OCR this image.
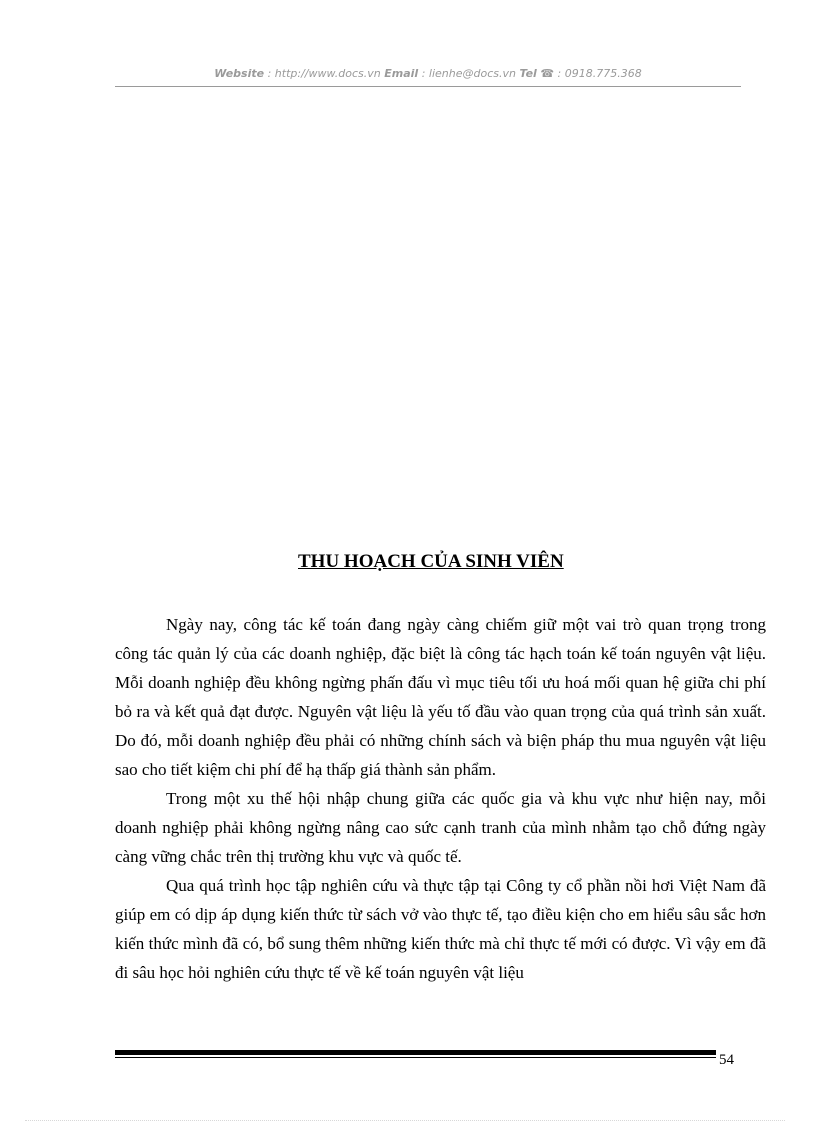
Website : http://www.docs.vn Email : lienhe@docs.vn Tel ☎ : 0918.775.368
THU HOẠCH CỦA SINH VIÊN

Ngày nay, công tác kế toán đang ngày càng chiếm giữ một vai trò quan trọng trong công tác quản lý của các doanh nghiệp, đặc biệt là công tác hạch toán kế toán nguyên vật liệu. Mỗi doanh nghiệp đều không ngừng phấn đấu vì mục tiêu tối ưu hoá mối quan hệ giữa chi phí bỏ ra và kết quả đạt được. Nguyên vật liệu là yếu tố đầu vào quan trọng của quá trình sản xuất. Do đó, mỗi doanh nghiệp đều phải có những chính sách và biện pháp thu mua nguyên vật liệu sao cho tiết kiệm chi phí để hạ thấp giá thành sản phẩm.

Trong một xu thế hội nhập chung giữa các quốc gia và khu vực như hiện nay, mỗi doanh nghiệp phải không ngừng nâng cao sức cạnh tranh của mình nhằm tạo chỗ đứng ngày càng vững chắc trên thị trường khu vực và quốc tế.

Qua quá trình học tập nghiên cứu và thực tập tại Công ty cổ phần nồi hơi Việt Nam đã giúp em có dịp áp dụng kiến thức từ sách vở vào thực tế, tạo điều kiện cho em hiểu sâu sắc hơn kiến thức mình đã có, bổ sung thêm những kiến thức mà chỉ thực tế mới có được. Vì vậy em đã đi sâu học hỏi nghiên cứu thực tế về kế toán nguyên vật liệu

54
